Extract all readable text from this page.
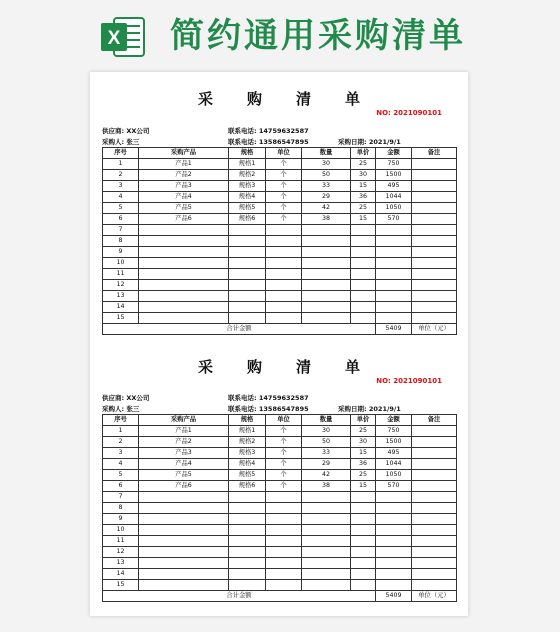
X 简约通用采购清单
采购清单
NO: 2021090101
供应商: XX公司	联系电话: 14759632587
采购人: 张三	联系电话: 13586547895	采购日期: 2021/9/1
序号	采购产品	规格	单位	数量	单价	金额	备注
1	产品1	规格1	个	30	25	750	
2	产品2	规格2	个	50	30	1500	
3	产品3	规格3	个	33	15	495	
4	产品4	规格4	个	29	36	1044	
5	产品5	规格5	个	42	25	1050	
6	产品6	规格6	个	38	15	570	
7							
8							
9							
10							
11							
12							
13							
14							
15							
合计金额						5409	单位（元）
采购清单
NO: 2021090101
供应商: XX公司	联系电话: 14759632587
采购人: 张三	联系电话: 13586547895	采购日期: 2021/9/1
序号	采购产品	规格	单位	数量	单价	金额	备注
1	产品1	规格1	个	30	25	750	
2	产品2	规格2	个	50	30	1500	
3	产品3	规格3	个	33	15	495	
4	产品4	规格4	个	29	36	1044	
5	产品5	规格5	个	42	25	1050	
6	产品6	规格6	个	38	15	570	
7							
8							
9							
10							
11							
12							
13							
14							
15							
合计金额						5409	单位（元）
